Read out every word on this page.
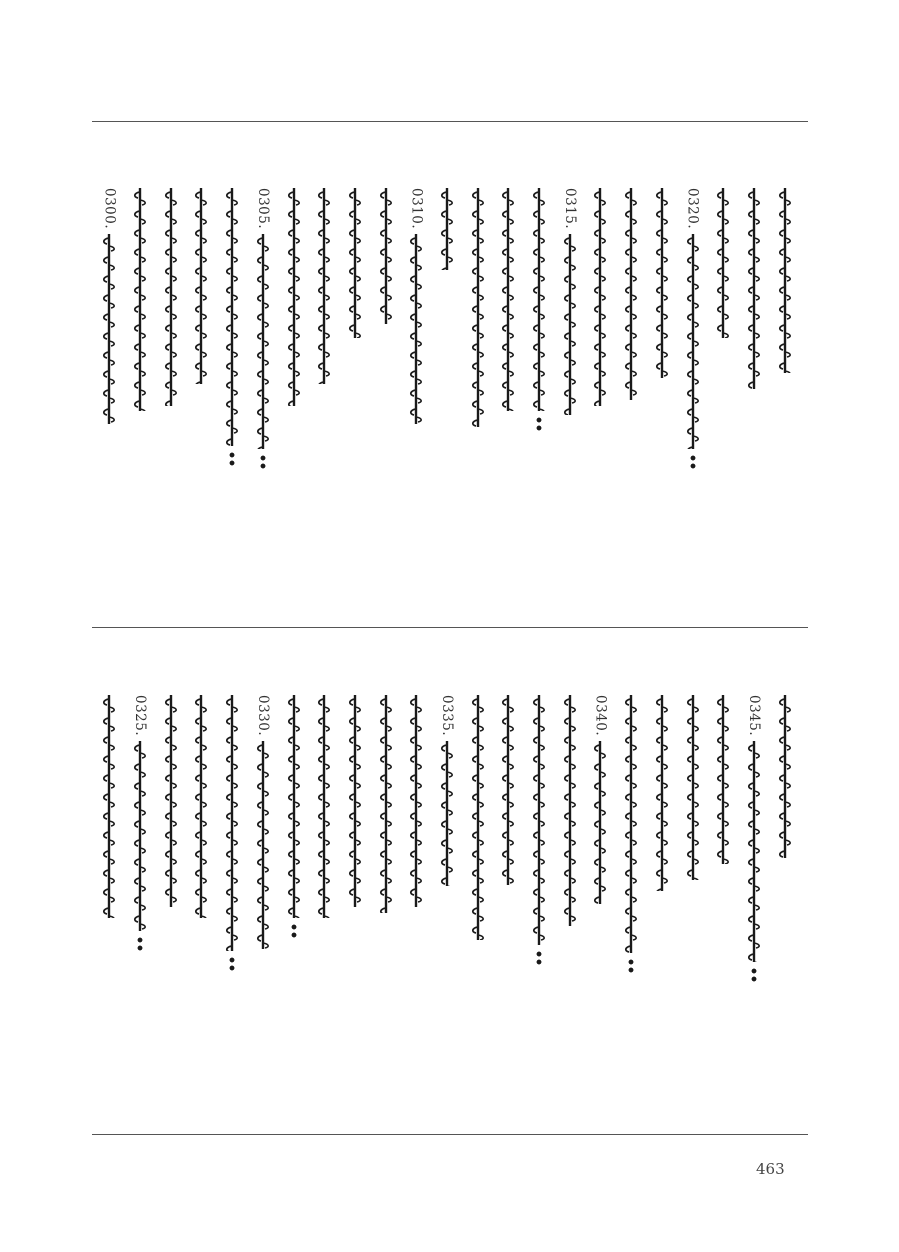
0320.
0315.
0310.
0305.
0300.
0345.
0340.
0335.
0330.
0325.
463
